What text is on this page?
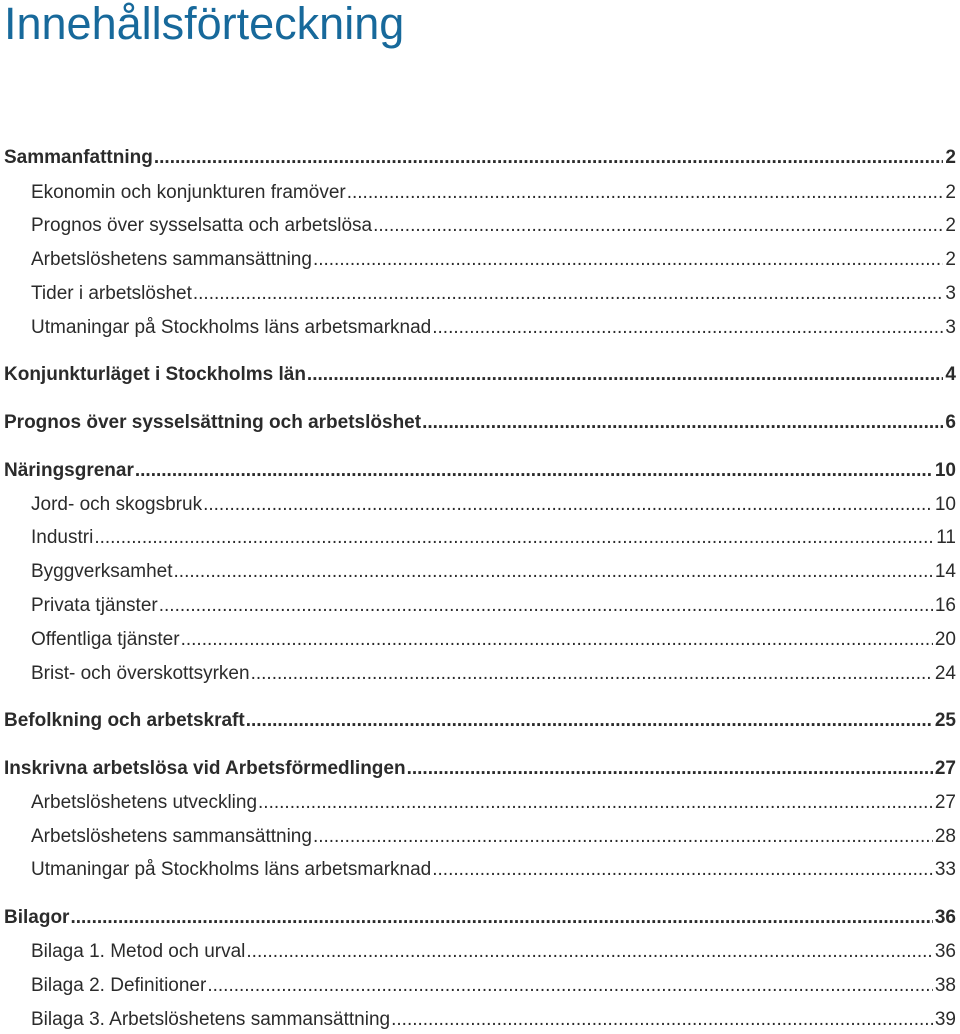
Innehållsförteckning
Sammanfattning .....	2
Ekonomin och konjunkturen framöver .....	2
Prognos över sysselsatta och arbetslösa .....	2
Arbetslöshetens sammansättning .....	2
Tider i arbetslöshet .....	3
Utmaningar på Stockholms läns arbetsmarknad .....	3
Konjunkturläget i Stockholms län .....	4
Prognos över sysselsättning och arbetslöshet .....	6
Näringsgrenar .....	10
Jord- och skogsbruk .....	10
Industri .....	11
Byggverksamhet .....	14
Privata tjänster .....	16
Offentliga tjänster .....	20
Brist- och överskottsyrken .....	24
Befolkning och arbetskraft .....	25
Inskrivna arbetslösa vid Arbetsförmedlingen .....	27
Arbetslöshetens utveckling .....	27
Arbetslöshetens sammansättning .....	28
Utmaningar på Stockholms läns arbetsmarknad .....	33
Bilagor .....	36
Bilaga 1. Metod och urval .....	36
Bilaga 2. Definitioner .....	38
Bilaga 3. Arbetslöshetens sammansättning .....	39
